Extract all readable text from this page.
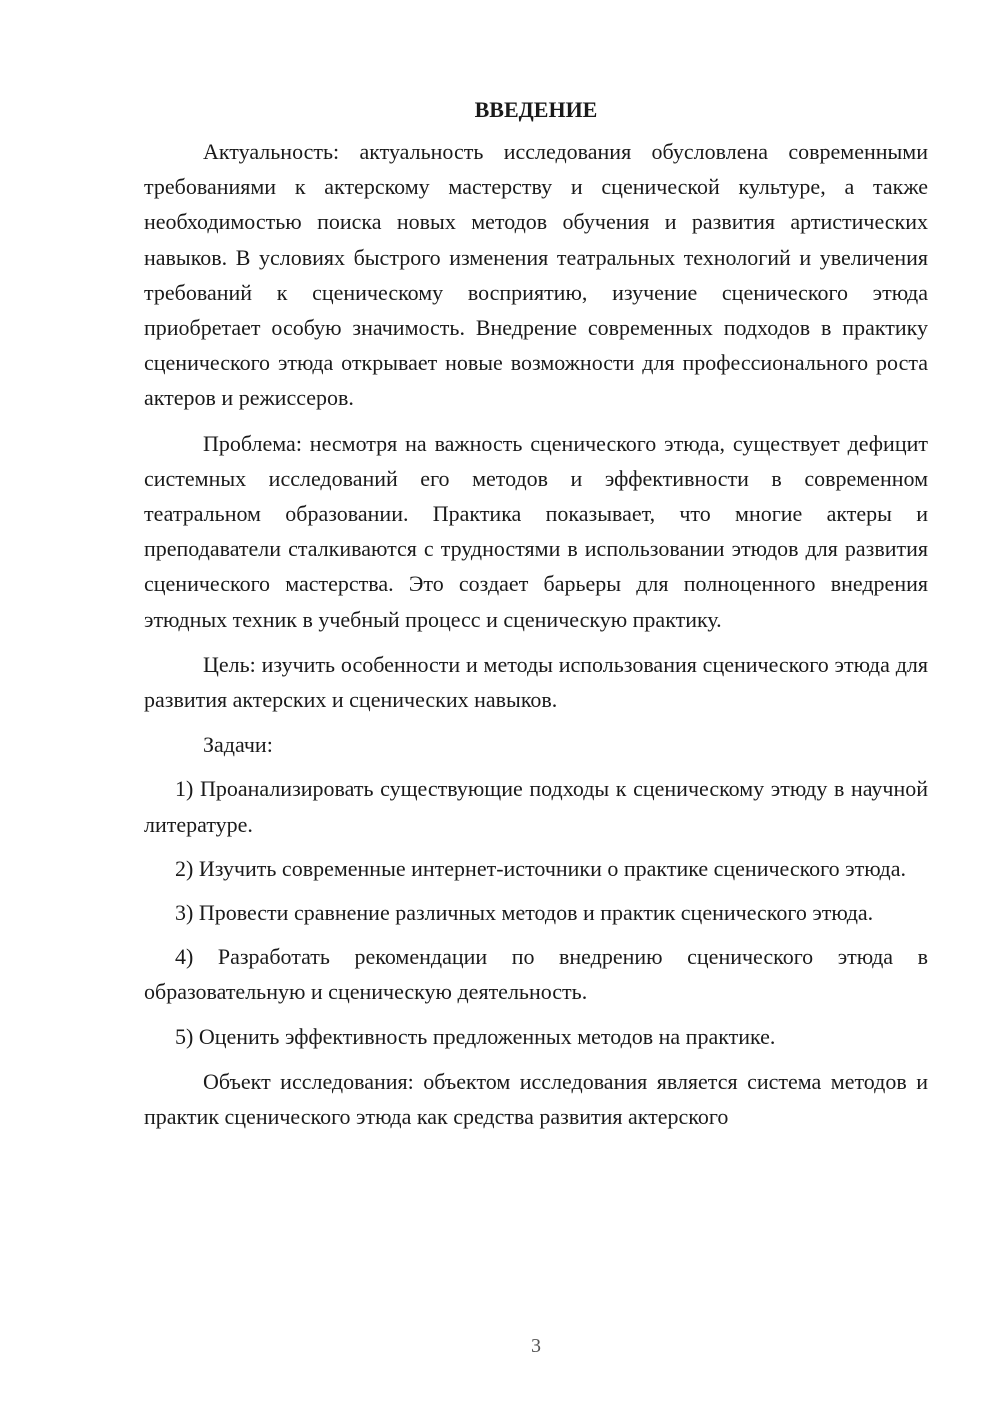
ВВЕДЕНИЕ

Актуальность: актуальность исследования обусловлена современными требованиями к актерскому мастерству и сценической культуре, а также необходимостью поиска новых методов обучения и развития артистических навыков. В условиях быстрого изменения театральных технологий и увеличения требований к сценическому восприятию, изучение сценического этюда приобретает особую значимость. Внедрение современных подходов в практику сценического этюда открывает новые возможности для профессионального роста актеров и режиссеров.

Проблема: несмотря на важность сценического этюда, существует дефицит системных исследований его методов и эффективности в современном театральном образовании. Практика показывает, что многие актеры и преподаватели сталкиваются с трудностями в использовании этюдов для развития сценического мастерства. Это создает барьеры для полноценного внедрения этюдных техник в учебный процесс и сценическую практику.

Цель: изучить особенности и методы использования сценического этюда для развития актерских и сценических навыков.

Задачи:

1) Проанализировать существующие подходы к сценическому этюду в научной литературе.

2) Изучить современные интернет-источники о практике сценического этюда.

3) Провести сравнение различных методов и практик сценического этюда.

4) Разработать рекомендации по внедрению сценического этюда в образовательную и сценическую деятельность.

5) Оценить эффективность предложенных методов на практике.

Объект исследования: объектом исследования является система методов и практик сценического этюда как средства развития актерского

3
